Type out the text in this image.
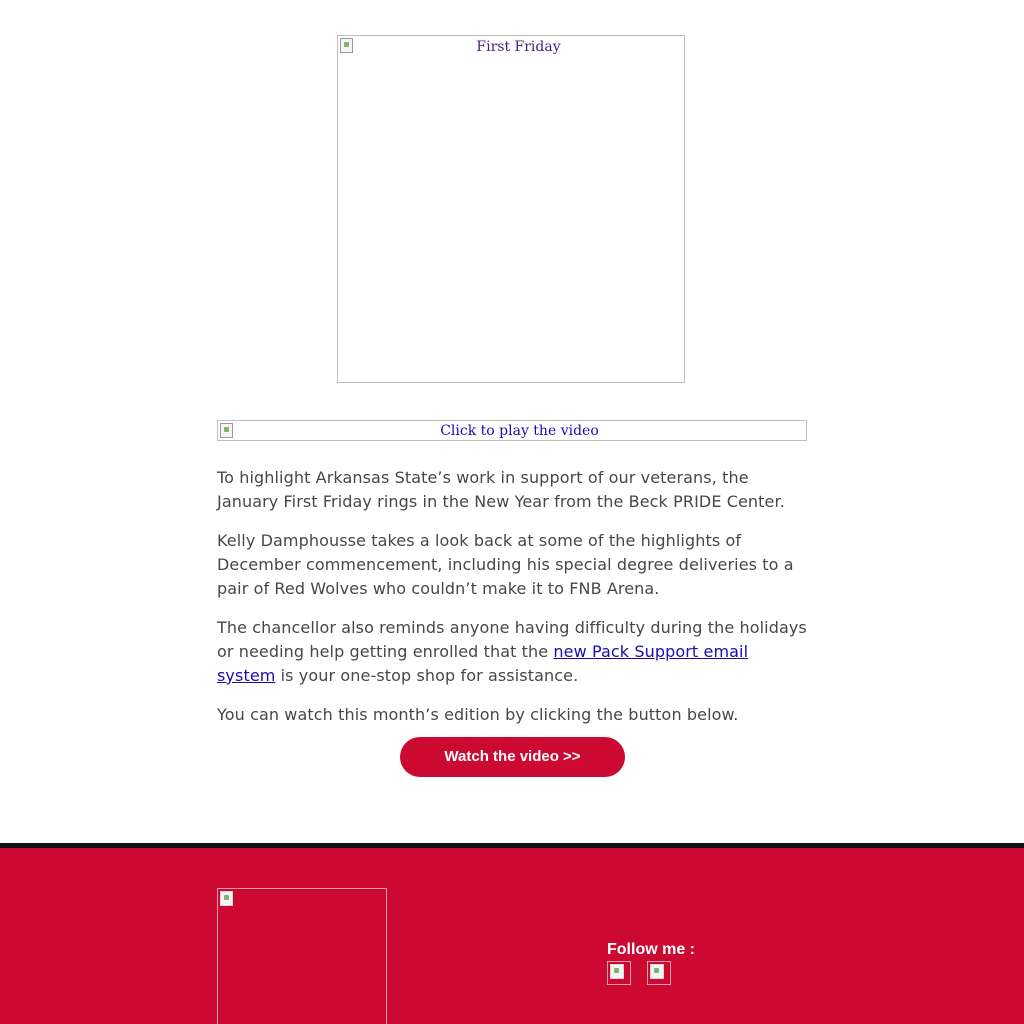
First Friday
Click to play the video

To highlight Arkansas State’s work in support of our veterans, the January First Friday rings in the New Year from the Beck PRIDE Center.

Kelly Damphousse takes a look back at some of the highlights of December commencement, including his special degree deliveries to a pair of Red Wolves who couldn’t make it to FNB Arena.

The chancellor also reminds anyone having difficulty during the holidays or needing help getting enrolled that the new Pack Support email system is your one-stop shop for assistance.

You can watch this month’s edition by clicking the button below.

Watch the video >>
Follow me :
